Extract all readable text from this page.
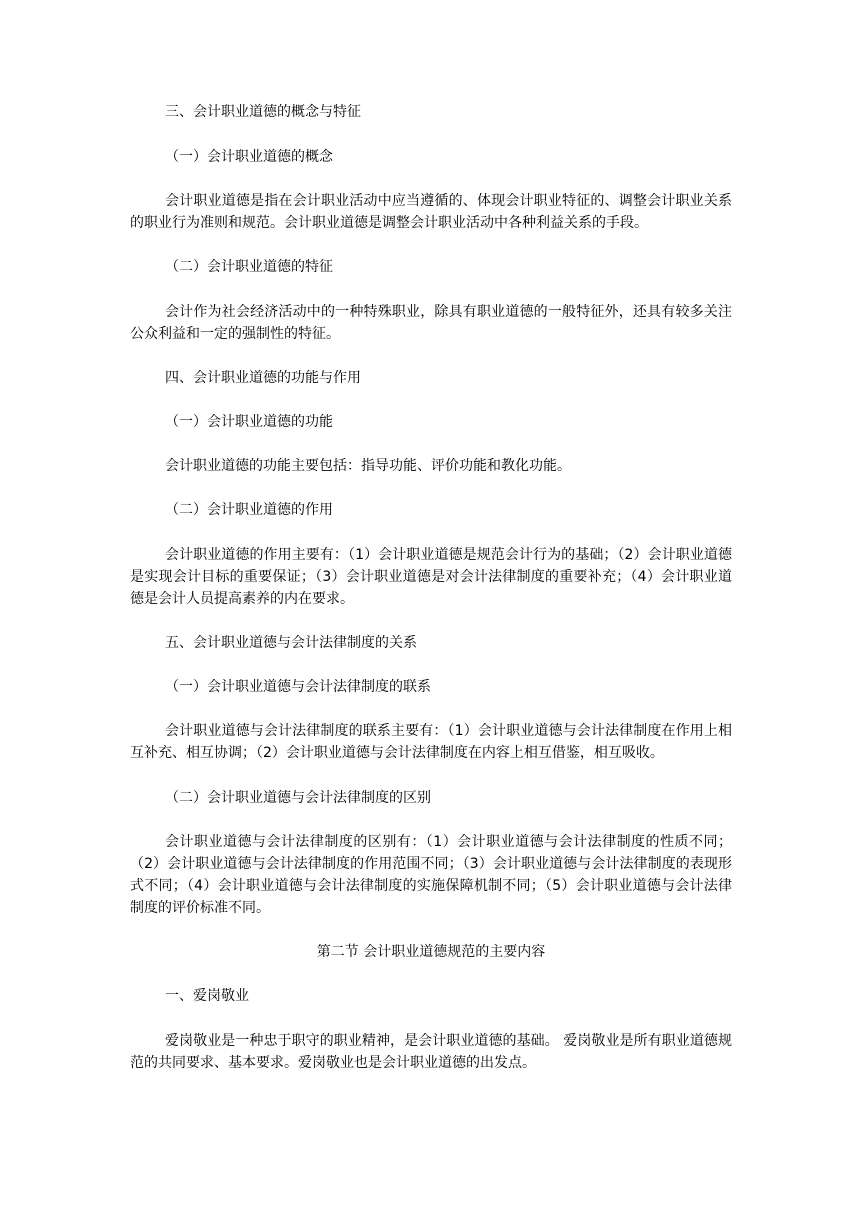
三、会计职业道德的概念与特征

（一）会计职业道德的概念

会计职业道德是指在会计职业活动中应当遵循的、体现会计职业特征的、调整会计职业关系的职业行为准则和规范。会计职业道德是调整会计职业活动中各种利益关系的手段。

（二）会计职业道德的特征

会计作为社会经济活动中的一种特殊职业，除具有职业道德的一般特征外，还具有较多关注公众利益和一定的强制性的特征。

四、会计职业道德的功能与作用

（一）会计职业道德的功能

会计职业道德的功能主要包括：指导功能、评价功能和教化功能。

（二）会计职业道德的作用

会计职业道德的作用主要有：（1）会计职业道德是规范会计行为的基础；（2）会计职业道德是实现会计目标的重要保证；（3）会计职业道德是对会计法律制度的重要补充；（4）会计职业道德是会计人员提高素养的内在要求。

五、会计职业道德与会计法律制度的关系

（一）会计职业道德与会计法律制度的联系

会计职业道德与会计法律制度的联系主要有：（1）会计职业道德与会计法律制度在作用上相互补充、相互协调；（2）会计职业道德与会计法律制度在内容上相互借鉴，相互吸收。

（二）会计职业道德与会计法律制度的区别

会计职业道德与会计法律制度的区别有：（1）会计职业道德与会计法律制度的性质不同；（2）会计职业道德与会计法律制度的作用范围不同；（3）会计职业道德与会计法律制度的表现形式不同；（4）会计职业道德与会计法律制度的实施保障机制不同；（5）会计职业道德与会计法律制度的评价标准不同。

第二节 会计职业道德规范的主要内容

一、爱岗敬业

爱岗敬业是一种忠于职守的职业精神，是会计职业道德的基础。 爱岗敬业是所有职业道德规范的共同要求、基本要求。爱岗敬业也是会计职业道德的出发点。
